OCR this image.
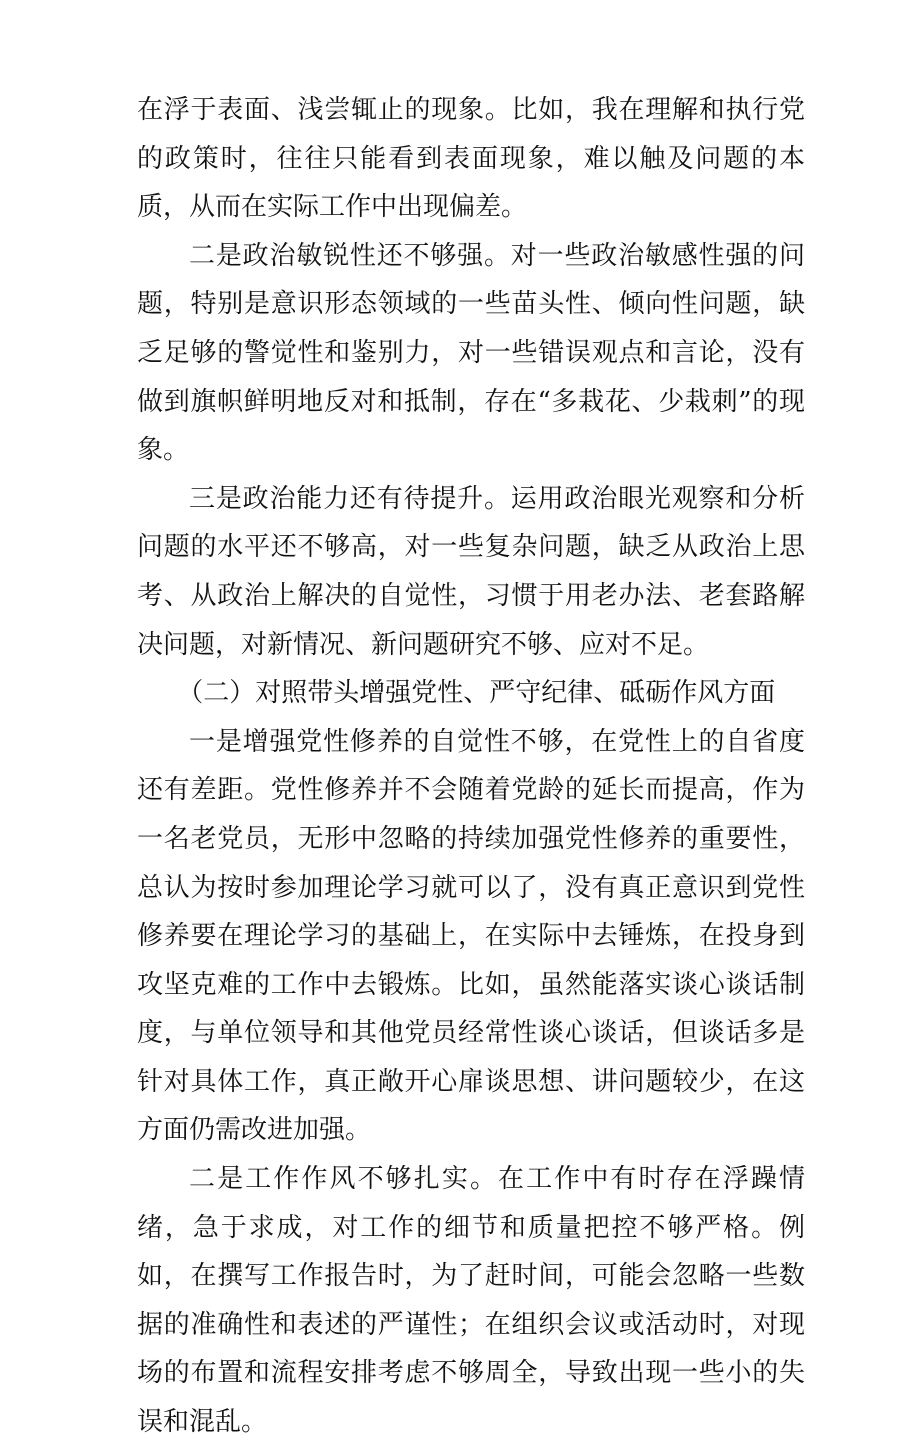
在浮于表面、浅尝辄止的现象。比如，我在理解和执行党的政策时，往往只能看到表面现象，难以触及问题的本质，从而在实际工作中出现偏差。

二是政治敏锐性还不够强。对一些政治敏感性强的问题，特别是意识形态领域的一些苗头性、倾向性问题，缺乏足够的警觉性和鉴别力，对一些错误观点和言论，没有做到旗帜鲜明地反对和抵制，存在“多栽花、少栽刺”的现象。

三是政治能力还有待提升。运用政治眼光观察和分析问题的水平还不够高，对一些复杂问题，缺乏从政治上思考、从政治上解决的自觉性，习惯于用老办法、老套路解决问题，对新情况、新问题研究不够、应对不足。

（二）对照带头增强党性、严守纪律、砥砺作风方面

一是增强党性修养的自觉性不够，在党性上的自省度还有差距。党性修养并不会随着党龄的延长而提高，作为一名老党员，无形中忽略的持续加强党性修养的重要性，总认为按时参加理论学习就可以了，没有真正意识到党性修养要在理论学习的基础上，在实际中去锤炼，在投身到攻坚克难的工作中去锻炼。比如，虽然能落实谈心谈话制度，与单位领导和其他党员经常性谈心谈话，但谈话多是针对具体工作，真正敞开心扉谈思想、讲问题较少，在这方面仍需改进加强。

二是工作作风不够扎实。在工作中有时存在浮躁情绪，急于求成，对工作的细节和质量把控不够严格。例如，在撰写工作报告时，为了赶时间，可能会忽略一些数据的准确性和表述的严谨性；在组织会议或活动时，对现场的布置和流程安排考虑不够周全，导致出现一些小的失误和混乱。
